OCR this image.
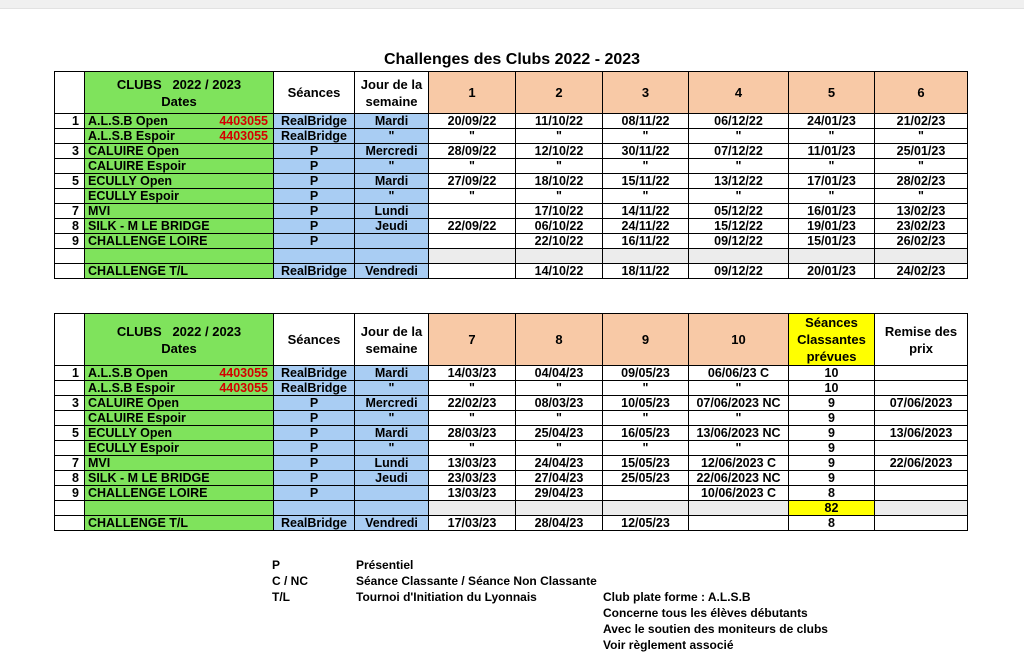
Challenges des Clubs 2022 - 2023

	CLUBS   2022 / 2023
Dates	Séances	Jour de la semaine	1	2	3	4	5	6
1	A.L.S.B Open 4403055	RealBridge	Mardi	20/09/22	11/10/22	08/11/22	06/12/22	24/01/23	21/02/23
	A.L.S.B Espoir 4403055	RealBridge	"	"	"	"	"	"	"
3	CALUIRE Open	P	Mercredi	28/09/22	12/10/22	30/11/22	07/12/22	11/01/23	25/01/23
	CALUIRE Espoir	P	"	"	"	"	"	"	"
5	ECULLY Open	P	Mardi	27/09/22	18/10/22	15/11/22	13/12/22	17/01/23	28/02/23
	ECULLY Espoir	P	"	"	"	"	"	"	"
7	MVI	P	Lundi		17/10/22	14/11/22	05/12/22	16/01/23	13/02/23
8	SILK - M LE BRIDGE	P	Jeudi	22/09/22	06/10/22	24/11/22	15/12/22	19/01/23	23/02/23
9	CHALLENGE LOIRE	P			22/10/22	16/11/22	09/12/22	15/01/23	26/02/23

	CHALLENGE T/L	RealBridge	Vendredi		14/10/22	18/11/22	09/12/22	20/01/23	24/02/23

	CLUBS   2022 / 2023
Dates	Séances	Jour de la semaine	7	8	9	10	Séances Classantes prévues	Remise des prix
1	A.L.S.B Open 4403055	RealBridge	Mardi	14/03/23	04/04/23	09/05/23	06/06/23 C	10	
	A.L.S.B Espoir 4403055	RealBridge	"	"	"	"	"	10	
3	CALUIRE Open	P	Mercredi	22/02/23	08/03/23	10/05/23	07/06/2023 NC	9	07/06/2023
	CALUIRE Espoir	P	"	"	"	"	"	9	
5	ECULLY Open	P	Mardi	28/03/23	25/04/23	16/05/23	13/06/2023 NC	9	13/06/2023
	ECULLY Espoir	P	"	"	"	"	"	9	
7	MVI	P	Lundi	13/03/23	24/04/23	15/05/23	12/06/2023 C	9	22/06/2023
8	SILK - M LE BRIDGE	P	Jeudi	23/03/23	27/04/23	25/05/23	22/06/2023 NC	9	
9	CHALLENGE LOIRE	P		13/03/23	29/04/23		10/06/2023 C	8	
								82	
	CHALLENGE T/L	RealBridge	Vendredi	17/03/23	28/04/23	12/05/23		8	
P
C / NC
T/L
Présentiel
Séance Classante / Séance Non Classante
Tournoi d'Initiation du Lyonnais	Club plate forme : A.L.S.B
Concerne tous les élèves débutants
Avec le soutien des moniteurs de clubs
Voir règlement associé
